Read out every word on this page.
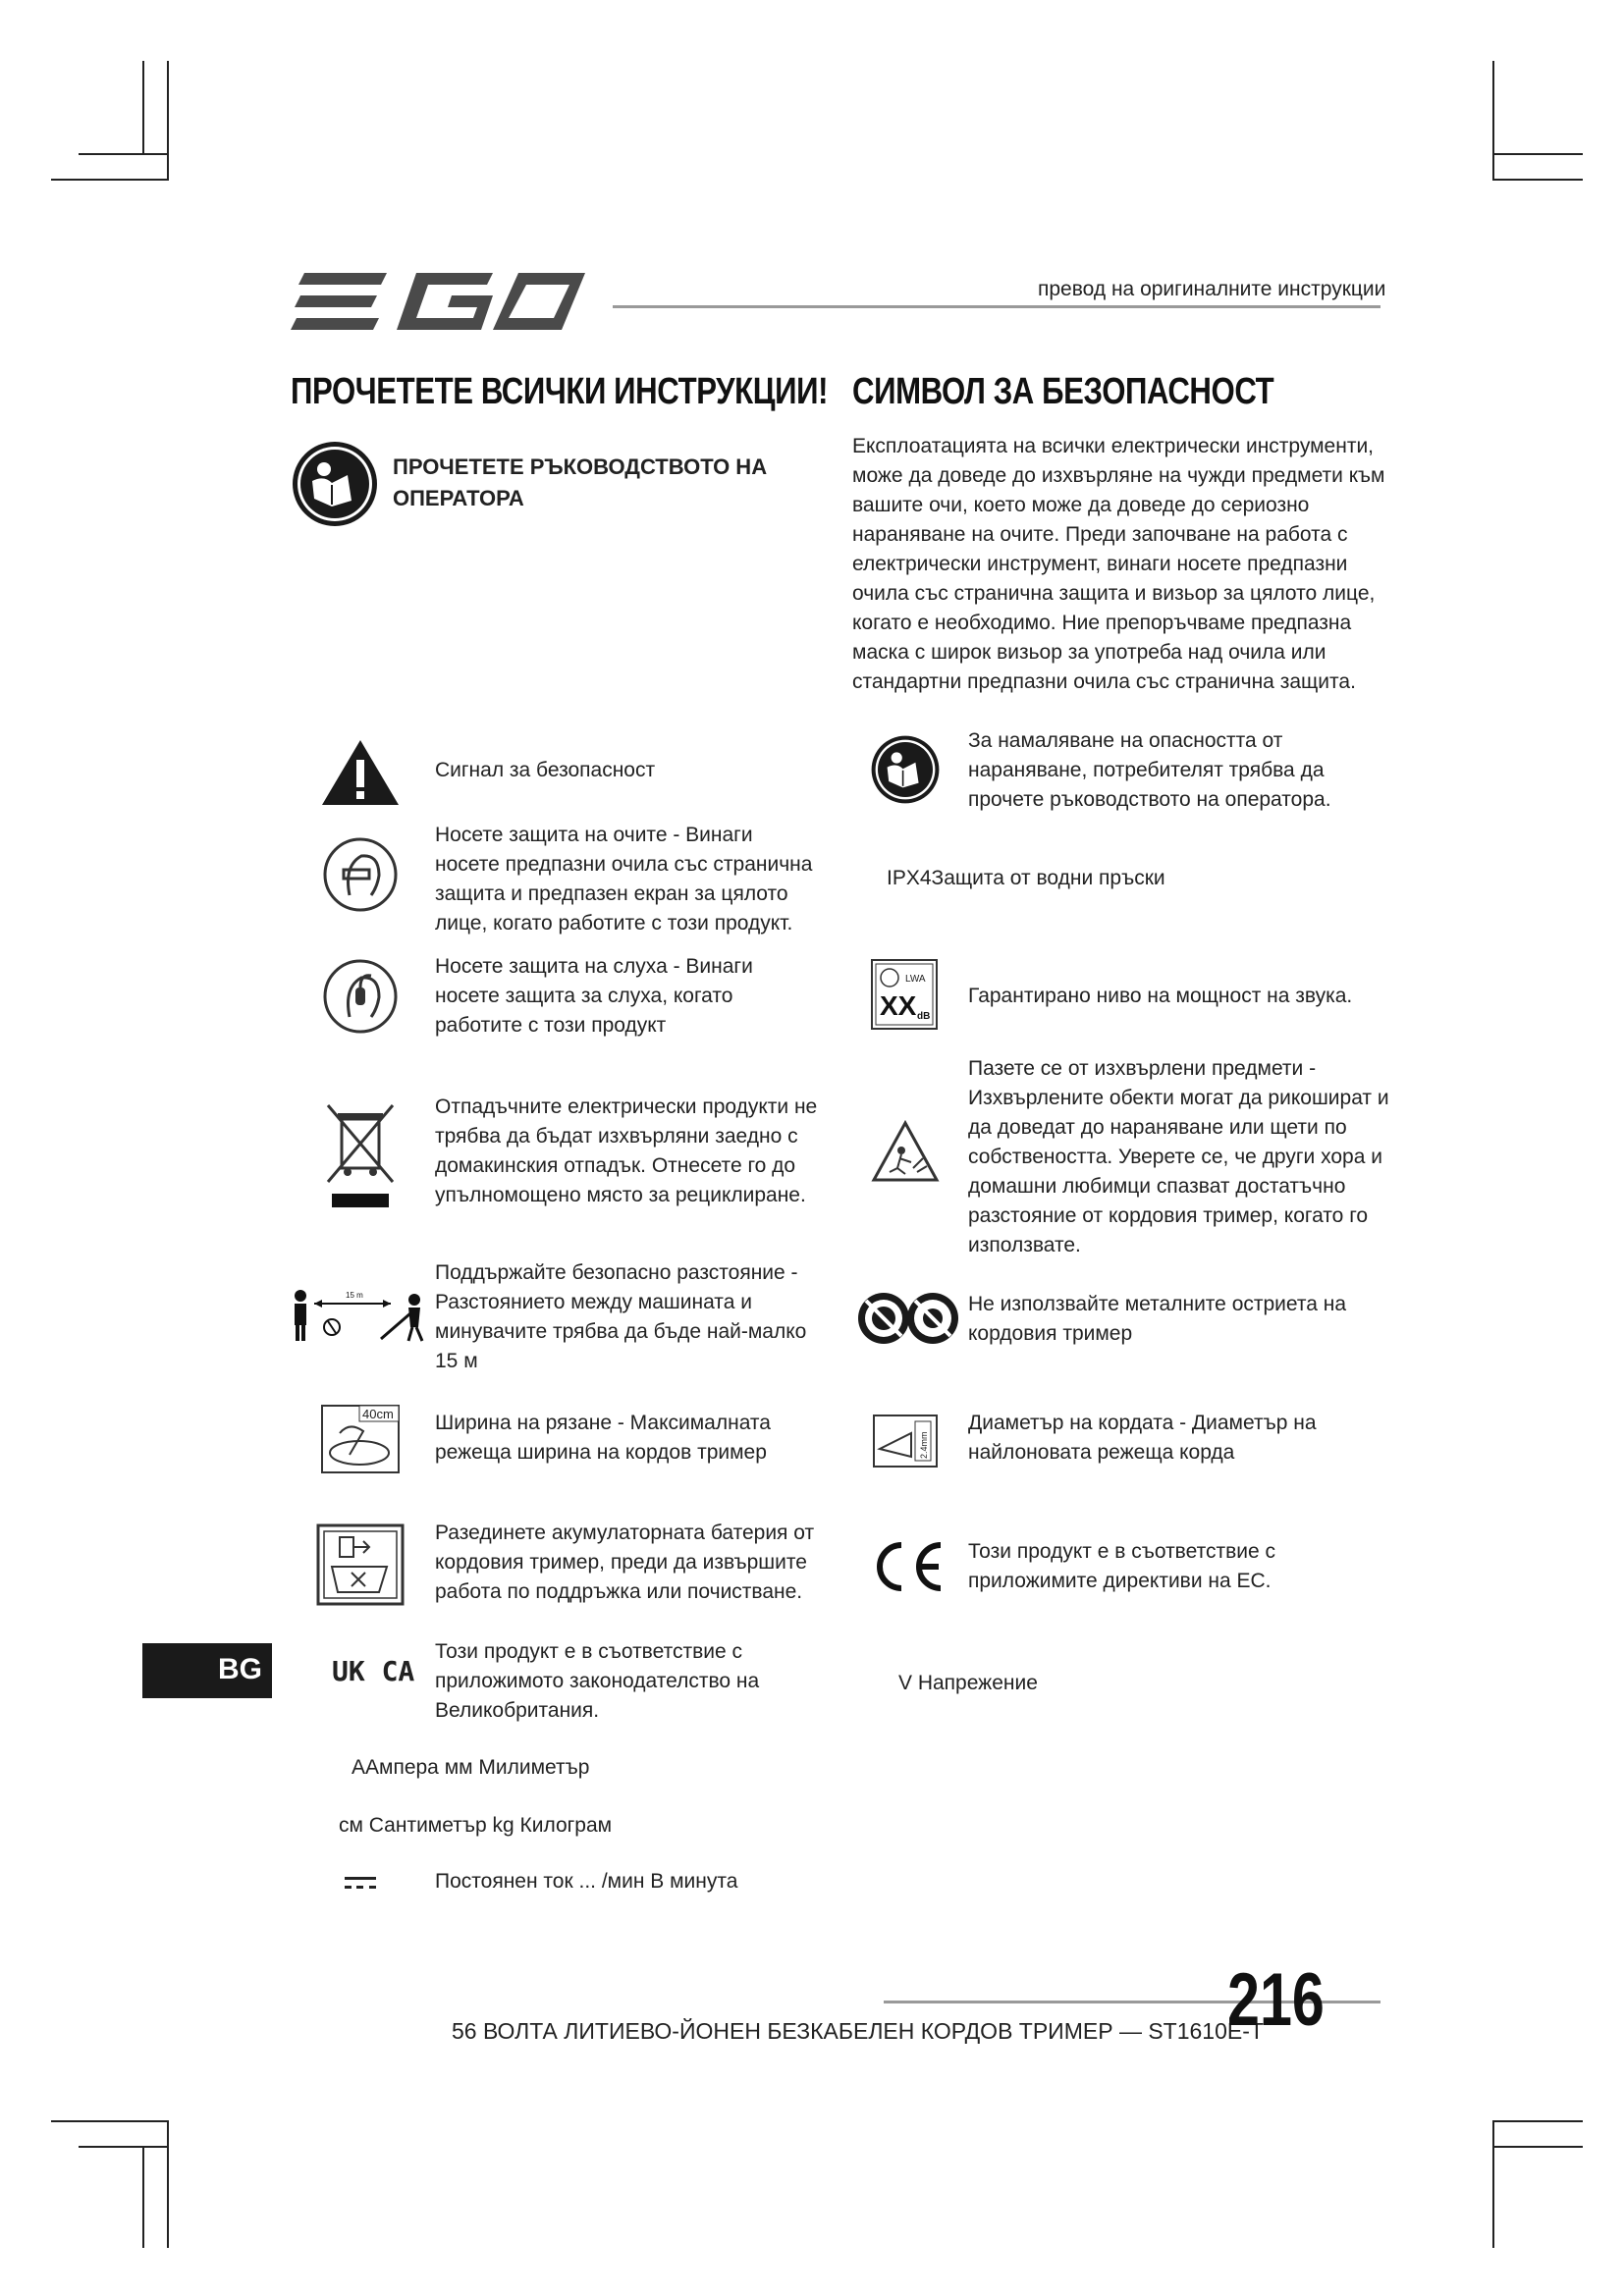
превод на оригиналните инструкции
ПРОЧЕТЕТЕ ВСИЧКИ ИНСТРУКЦИИ!
ПРОЧЕТЕТЕ РЪКОВОДСТВОТО НА ОПЕРАТОРА
СИМВОЛ ЗА БЕЗОПАСНОСТ
Експлоатацията на всички електрически инструменти, може да доведе до изхвърляне на чужди предмети към вашите очи, което може да доведе до сериозно нараняване на очите. Преди започване на работа с електрически инструмент, винаги носете предпазни очила със странична защита и визьор за цялото лице, когато е необходимо. Ние препоръчваме предпазна маска с широк визьор за употреба над очила или стандартни предпазни очила със странична защита.
Сигнал за безопасност
Носете защита на очите - Винаги носете предпазни очила със странична защита и предпазен екран за цялото лице, когато работите с този продукт.
Носете защита на слуха - Винаги носете защита за слуха, когато работите с този продукт
Отпадъчните електрически продукти не трябва да бъдат изхвърляни заедно с домакинския отпадък. Отнесете го до упълномощено място за рециклиране.
15 m
Поддържайте безопасно разстояние - Разстоянието между машината и минувачите трябва да бъде най-малко 15 м
40cm Ширина на рязане - Максималната режеща ширина на кордов тример
Разединете акумулаторната батерия от кордовия тример, преди да извършите работа по поддръжка или почистване.
UK CA
Този продукт е в съответствие с приложимото законодателство на Великобритания.
ААмпера мм Милиметър
см Сантиметър kg Килограм
Постоянен ток ... /мин В минута
За намаляване на опасността от нараняване, потребителят трябва да прочете ръководството на оператора.
IPX4Защита от водни пръски
LWA
XX dB
Гарантирано ниво на мощност на звука.
Пазете се от изхвърлени предмети - Изхвърлените обекти могат да рикошират и да доведат до нараняване или щети по собствеността. Уверете се, че други хора и домашни любимци спазват достатъчно разстояние от кордовия тример, когато го използвате.
Не използвайте металните остриета на кордовия тример
2.4mm
Диаметър на кордата - Диаметър на найлоновата режеща корда
Този продукт е в съответствие с приложимите директиви на ЕС.
V Напрежение
BG
56 ВОЛТА ЛИТИЕВО-ЙОНЕН БЕЗКАБЕЛЕН КОРДОВ ТРИМЕР — ST1610E-T
216
